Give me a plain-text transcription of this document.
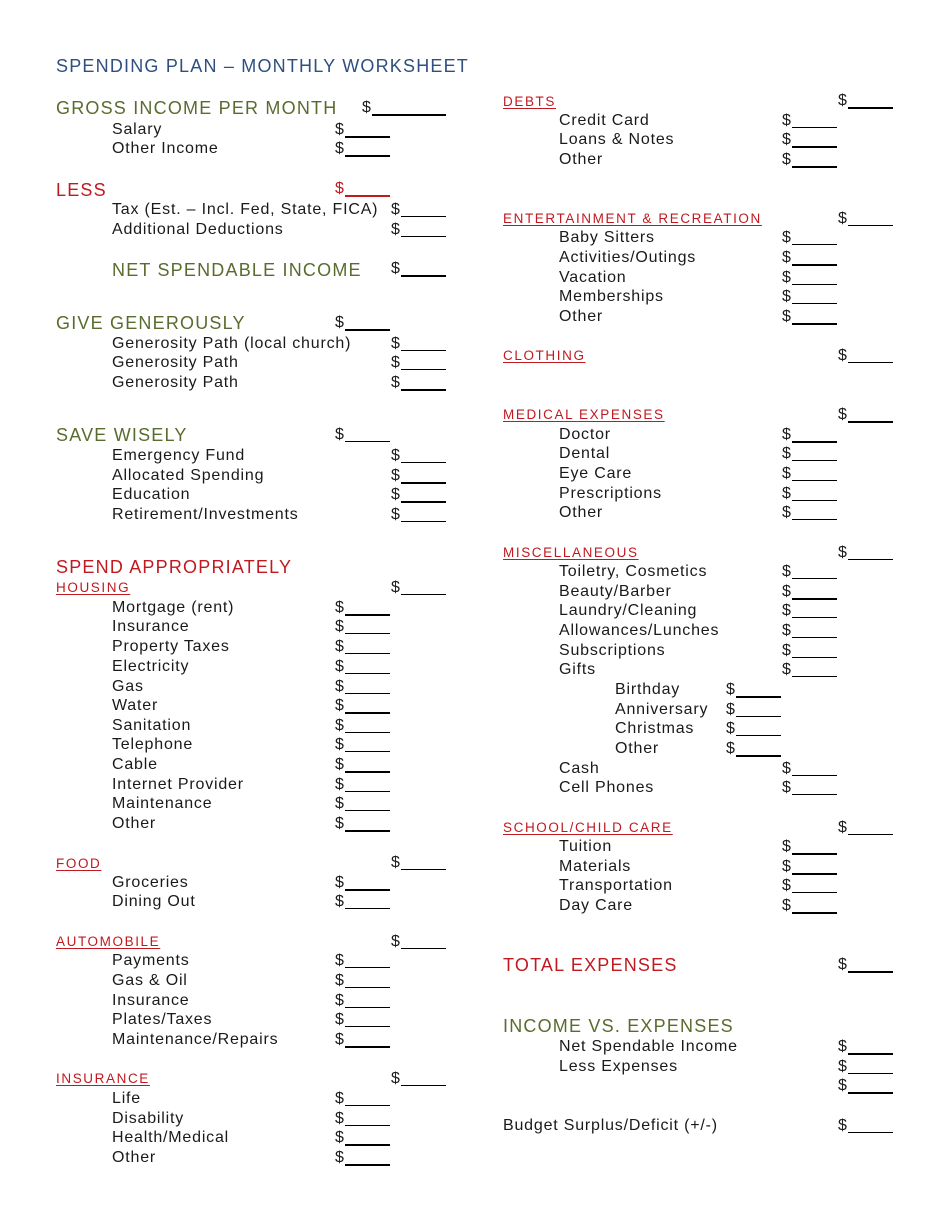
SPENDING PLAN – MONTHLY WORKSHEET
GROSS INCOME PER MONTH $
Salary	$
Other Income	$
LESS	$
Tax (Est. – Incl. Fed, State, FICA) $
Additional Deductions	$
NET SPENDABLE INCOME $
GIVE GENEROUSLY	$
Generosity Path (local church) $
Generosity Path	$
Generosity Path	$
SAVE WISELY	$
Emergency Fund	$
Allocated Spending	$
Education	$
Retirement/Investments	$
SPEND APPROPRIATELY
HOUSING	$
Mortgage (rent)	$
Insurance	$
Property Taxes	$
Electricity	$
Gas	$
Water	$
Sanitation	$
Telephone	$
Cable	$
Internet Provider	$
Maintenance	$
Other	$
FOOD	$
Groceries	$
Dining Out	$
AUTOMOBILE	$
Payments	$
Gas & Oil	$
Insurance	$
Plates/Taxes	$
Maintenance/Repairs	$
INSURANCE	$
Life	$
Disability	$
Health/Medical	$
Other	$
DEBTS	$
Credit Card	$
Loans & Notes	$
Other	$
ENTERTAINMENT & RECREATION	$
Baby Sitters	$
Activities/Outings	$
Vacation	$
Memberships	$
Other	$
CLOTHING	$
MEDICAL EXPENSES	$
Doctor	$
Dental	$
Eye Care	$
Prescriptions	$
Other	$
MISCELLANEOUS	$
Toiletry, Cosmetics	$
Beauty/Barber	$
Laundry/Cleaning	$
Allowances/Lunches	$
Subscriptions	$
Gifts	$
Birthday	$
Anniversary $
Christmas $
Other	$
Cash	$
Cell Phones	$
SCHOOL/CHILD CARE	$
Tuition	$
Materials	$
Transportation	$
Day Care	$
TOTAL EXPENSES	$
INCOME VS. EXPENSES
Net Spendable Income	$
Less Expenses	$
$
Budget Surplus/Deficit (+/-)	$
